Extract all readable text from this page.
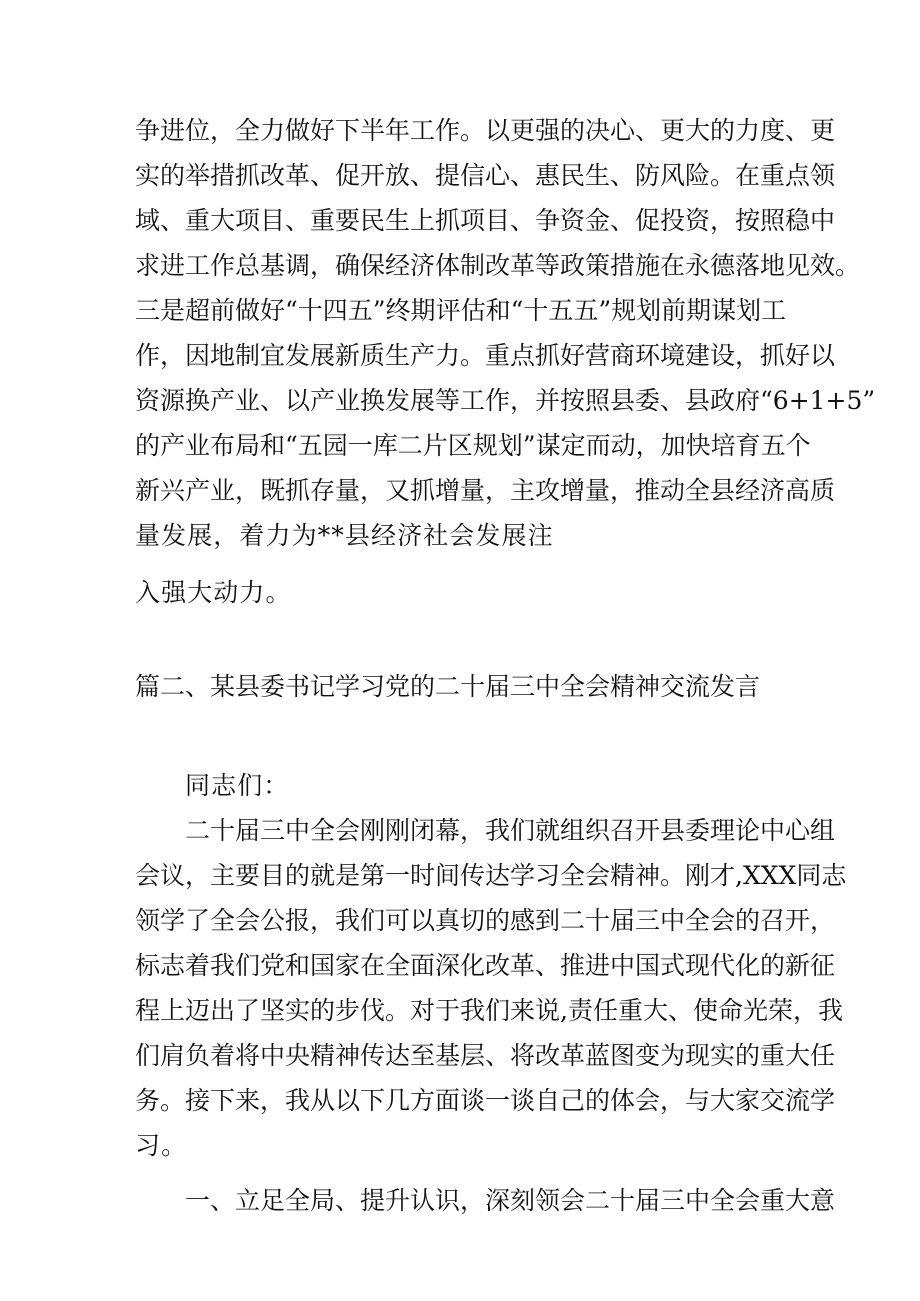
争进位，全力做好下半年工作。以更强的决心、更大的力度、更
实的举措抓改革、促开放、提信心、惠民生、防风险。在重点领
域、重大项目、重要民生上抓项目、争资金、促投资，按照稳中
求进工作总基调，确保经济体制改革等政策措施在永德落地见效。
三是超前做好“十四五”终期评估和“十五五”规划前期谋划工
作，因地制宜发展新质生产力。重点抓好营商环境建设，抓好以
资源换产业、以产业换发展等工作，并按照县委、县政府“6+1+5”
的产业布局和“五园一库二片区规划”谋定而动，加快培育五个
新兴产业，既抓存量，又抓增量，主攻增量，推动全县经济高质
量发展，着力为**县经济社会发展注
入强大动力。
篇二、某县委书记学习党的二十届三中全会精神交流发言
同志们：
二十届三中全会刚刚闭幕，我们就组织召开县委理论中心组
会议，主要目的就是第一时间传达学习全会精神。刚才,XXX同志
领学了全会公报，我们可以真切的感到二十届三中全会的召开，
标志着我们党和国家在全面深化改革、推进中国式现代化的新征
程上迈出了坚实的步伐。对于我们来说,责任重大、使命光荣，我
们肩负着将中央精神传达至基层、将改革蓝图变为现实的重大任
务。接下来，我从以下几方面谈一谈自己的体会，与大家交流学
习。
一、立足全局、提升认识，深刻领会二十届三中全会重大意
